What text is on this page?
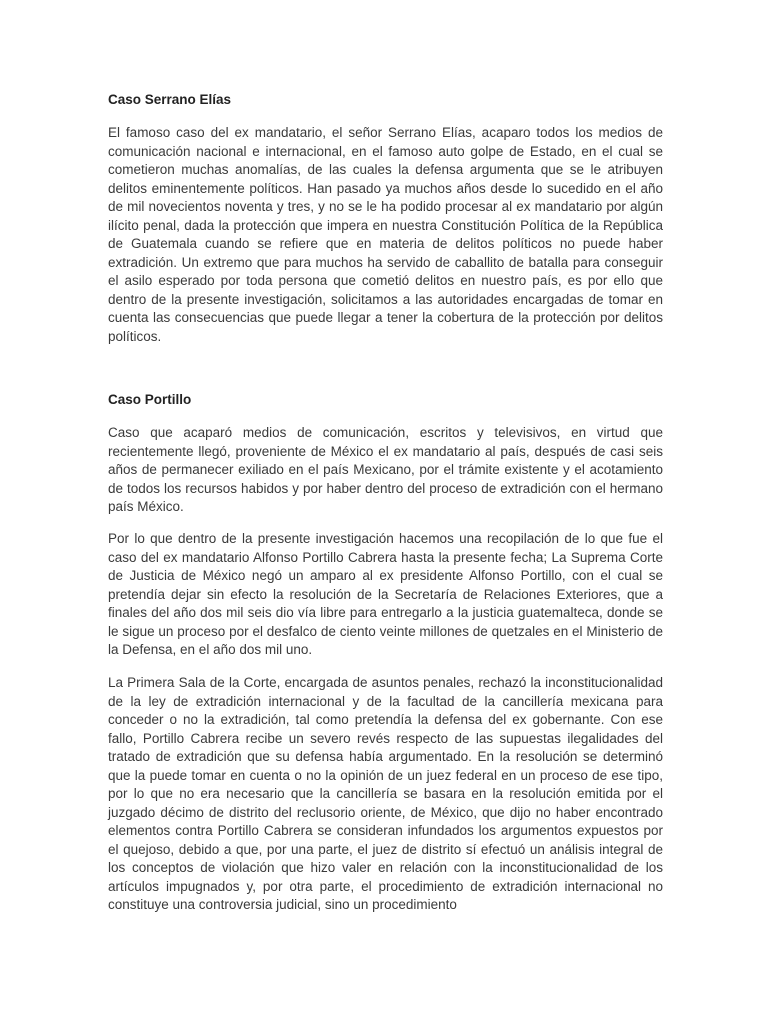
Caso Serrano Elías

El famoso caso del ex mandatario, el señor Serrano Elías, acaparo todos los medios de comunicación nacional e internacional, en el famoso auto golpe de Estado, en el cual se cometieron muchas anomalías, de las cuales la defensa argumenta que se le atribuyen delitos eminentemente políticos. Han pasado ya muchos años desde lo sucedido en el año de mil novecientos noventa y tres, y no se le ha podido procesar al ex mandatario por algún ilícito penal, dada la protección que impera en nuestra Constitución Política de la República de Guatemala cuando se refiere que en materia de delitos políticos no puede haber extradición. Un extremo que para muchos ha servido de caballito de batalla para conseguir el asilo esperado por toda persona que cometió delitos en nuestro país, es por ello que dentro de la presente investigación, solicitamos a las autoridades encargadas de tomar en cuenta las consecuencias que puede llegar a tener la cobertura de la protección por delitos políticos.

Caso Portillo

Caso que acaparó medios de comunicación, escritos y televisivos, en virtud que recientemente llegó, proveniente de México el ex mandatario al país, después de casi seis años de permanecer exiliado en el país Mexicano, por el trámite existente y el acotamiento de todos los recursos habidos y por haber dentro del proceso de extradición con el hermano país México.

Por lo que dentro de la presente investigación hacemos una recopilación de lo que fue el caso del ex mandatario Alfonso Portillo Cabrera hasta la presente fecha; La Suprema Corte de Justicia de México negó un amparo al ex presidente Alfonso Portillo, con el cual se pretendía dejar sin efecto la resolución de la Secretaría de Relaciones Exteriores, que a finales del año dos mil seis dio vía libre para entregarlo a la justicia guatemalteca, donde se le sigue un proceso por el desfalco de ciento veinte millones de quetzales en el Ministerio de la Defensa, en el año dos mil uno.

La Primera Sala de la Corte, encargada de asuntos penales, rechazó la inconstitucionalidad de la ley de extradición internacional y de la facultad de la cancillería mexicana para conceder o no la extradición, tal como pretendía la defensa del ex gobernante. Con ese fallo, Portillo Cabrera recibe un severo revés respecto de las supuestas ilegalidades del tratado de extradición que su defensa había argumentado. En la resolución se determinó que la puede tomar en cuenta o no la opinión de un juez federal en un proceso de ese tipo, por lo que no era necesario que la cancillería se basara en la resolución emitida por el juzgado décimo de distrito del reclusorio oriente, de México, que dijo no haber encontrado elementos contra Portillo Cabrera se consideran infundados los argumentos expuestos por el quejoso, debido a que, por una parte, el juez de distrito sí efectuó un análisis integral de los conceptos de violación que hizo valer en relación con la inconstitucionalidad de los artículos impugnados y, por otra parte, el procedimiento de extradición internacional no constituye una controversia judicial, sino un procedimiento
